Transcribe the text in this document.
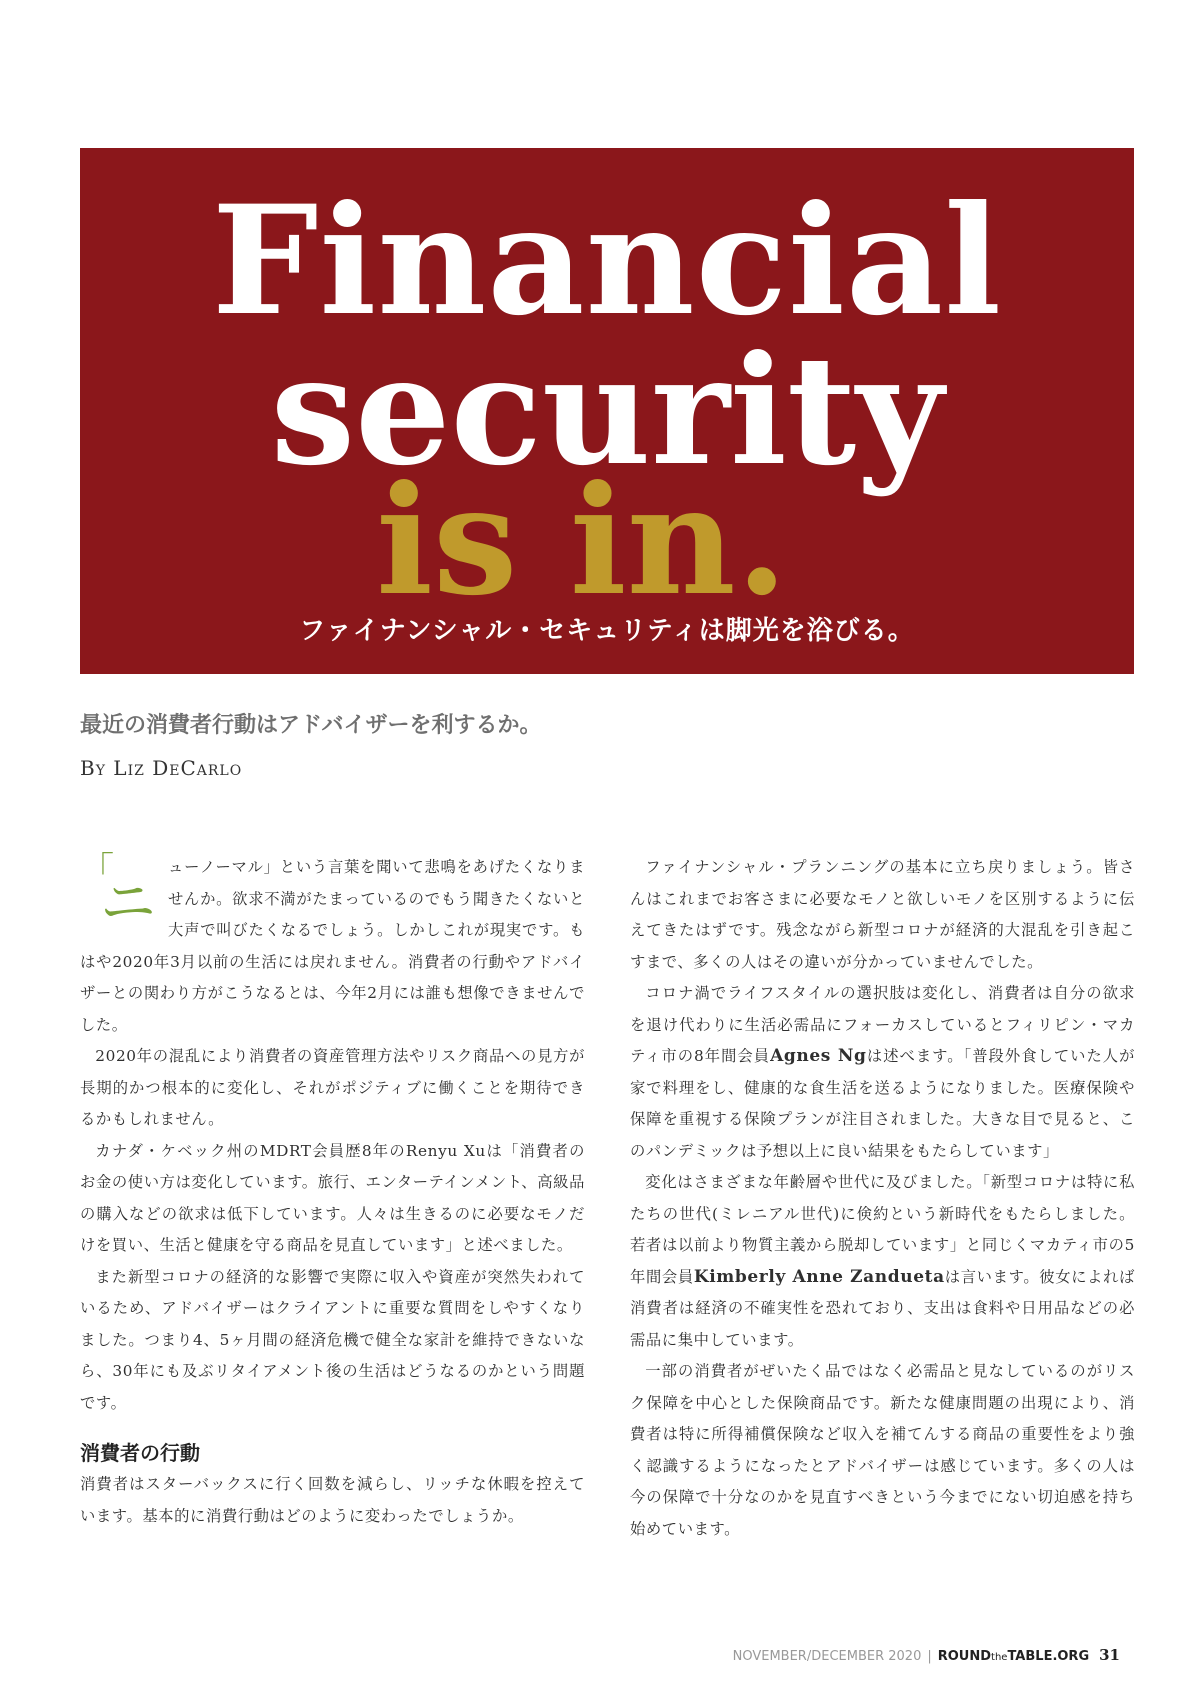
Financial
security
is in.
ファイナンシャル・セキュリティは脚光を浴びる。
最近の消費者行動はアドバイザーを利するか。
By Liz DeCarlo
「
ニ

ューノーマル」という言葉を聞いて悲鳴をあげたくなりませんか。欲求不満がたまっているのでもう聞きたくないと大声で叫びたくなるでしょう。しかしこれが現実です。もはや2020年3月以前の生活には戻れません。消費者の行動やアドバイザーとの関わり方がこうなるとは、今年2月には誰も想像できませんでした。

2020年の混乱により消費者の資産管理方法やリスク商品への見方が長期的かつ根本的に変化し、それがポジティブに働くことを期待できるかもしれません。

カナダ・ケベック州のMDRT会員歴8年のRenyu Xuは「消費者のお金の使い方は変化しています。旅行、エンターテインメント、高級品の購入などの欲求は低下しています。人々は生きるのに必要なモノだけを買い、生活と健康を守る商品を見直しています」と述べました。

また新型コロナの経済的な影響で実際に収入や資産が突然失われているため、アドバイザーはクライアントに重要な質問をしやすくなりました。つまり4、5ヶ月間の経済危機で健全な家計を維持できないなら、30年にも及ぶリタイアメント後の生活はどうなるのかという問題です。

消費者の行動

消費者はスターバックスに行く回数を減らし、リッチな休暇を控えています。基本的に消費行動はどのように変わったでしょうか。

ファイナンシャル・プランニングの基本に立ち戻りましょう。皆さんはこれまでお客さまに必要なモノと欲しいモノを区別するように伝えてきたはずです。残念ながら新型コロナが経済的大混乱を引き起こすまで、多くの人はその違いが分かっていませんでした。

コロナ渦でライフスタイルの選択肢は変化し、消費者は自分の欲求を退け代わりに生活必需品にフォーカスしているとフィリピン・マカティ市の8年間会員Agnes Ngは述べます。「普段外食していた人が家で料理をし、健康的な食生活を送るようになりました。医療保険や保障を重視する保険プランが注目されました。大きな目で見ると、このパンデミックは予想以上に良い結果をもたらしています」

変化はさまざまな年齢層や世代に及びました。「新型コロナは特に私たちの世代(ミレニアル世代)に倹約という新時代をもたらしました。若者は以前より物質主義から脱却しています」と同じくマカティ市の5年間会員Kimberly Anne Zanduetaは言います。彼女によれば消費者は経済の不確実性を恐れており、支出は食料や日用品などの必需品に集中しています。

一部の消費者がぜいたく品ではなく必需品と見なしているのがリスク保障を中心とした保険商品です。新たな健康問題の出現により、消費者は特に所得補償保険など収入を補てんする商品の重要性をより強く認識するようになったとアドバイザーは感じています。多くの人は今の保障で十分なのかを見直すべきという今までにない切迫感を持ち始めています。

NOVEMBER/DECEMBER 2020 | ROUNDtheTABLE.ORG 31
